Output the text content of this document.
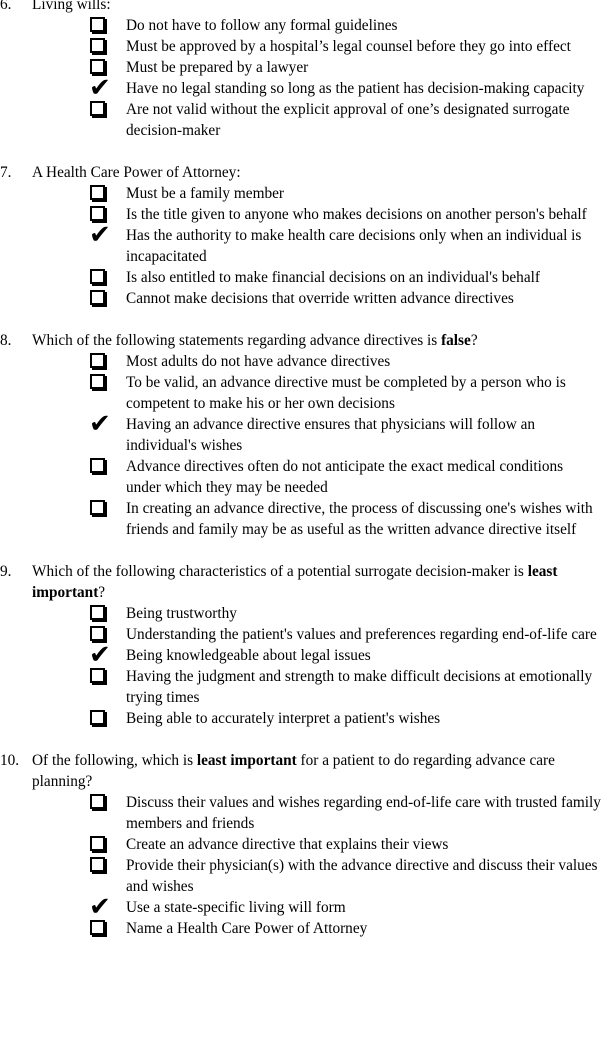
6. Living wills:
Do not have to follow any formal guidelines
Must be approved by a hospital’s legal counsel before they go into effect
Must be prepared by a lawyer
✔ Have no legal standing so long as the patient has decision-making capacity
Are not valid without the explicit approval of one’s designated surrogate decision-maker
7. A Health Care Power of Attorney:
Must be a family member
Is the title given to anyone who makes decisions on another person's behalf
✔ Has the authority to make health care decisions only when an individual is incapacitated
Is also entitled to make financial decisions on an individual's behalf
Cannot make decisions that override written advance directives
8. Which of the following statements regarding advance directives is false?
Most adults do not have advance directives
To be valid, an advance directive must be completed by a person who is competent to make his or her own decisions
✔ Having an advance directive ensures that physicians will follow an individual's wishes
Advance directives often do not anticipate the exact medical conditions under which they may be needed
In creating an advance directive, the process of discussing one's wishes with friends and family may be as useful as the written advance directive itself
9. Which of the following characteristics of a potential surrogate decision-maker is least important?
Being trustworthy
Understanding the patient's values and preferences regarding end-of-life care
✔ Being knowledgeable about legal issues
Having the judgment and strength to make difficult decisions at emotionally trying times
Being able to accurately interpret a patient's wishes
10. Of the following, which is least important for a patient to do regarding advance care planning?
Discuss their values and wishes regarding end-of-life care with trusted family members and friends
Create an advance directive that explains their views
Provide their physician(s) with the advance directive and discuss their values and wishes
✔ Use a state-specific living will form
Name a Health Care Power of Attorney
